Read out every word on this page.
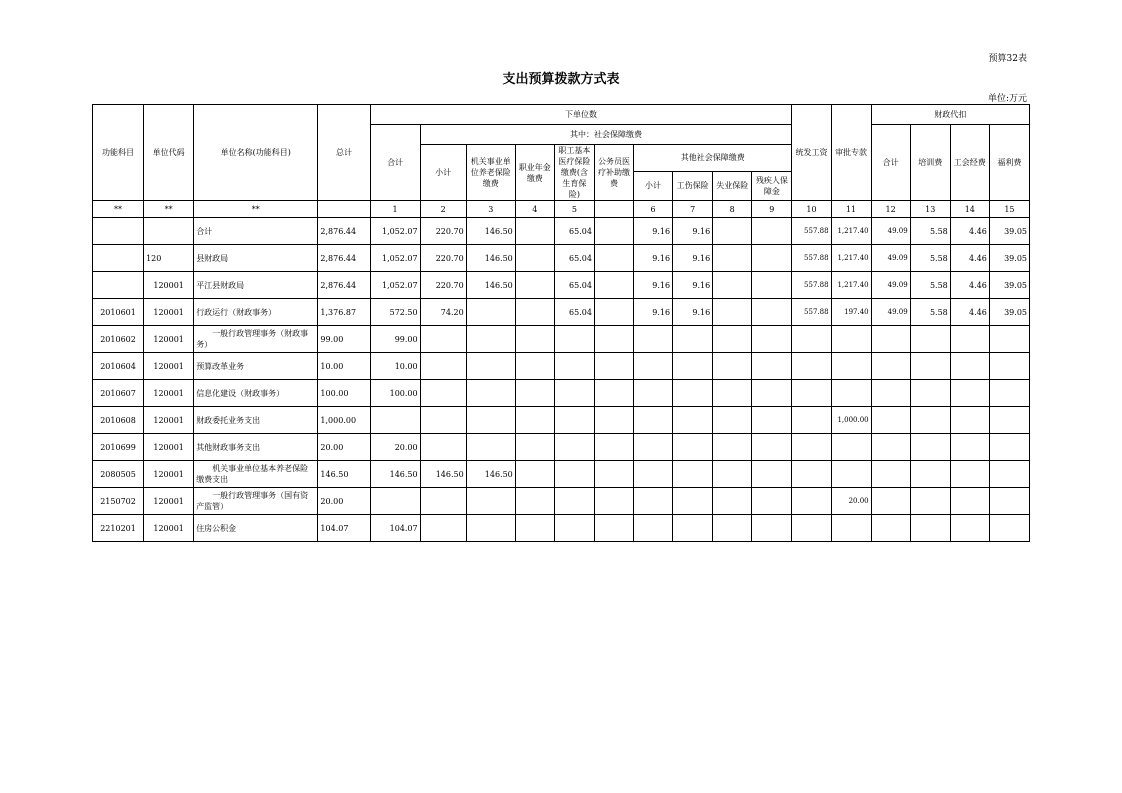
预算32表
支出预算拨款方式表
单位:万元
功能科目	单位代码	单位名称(功能科目)	总计	下单位数										统发工资	审批专款	财政代扣			
				合计	其中：社会保障缴费											合计	培训费	工会经费	福利费
					小计	机关事业单位养老保险缴费	职业年金缴费	职工基本医疗保险缴费(含生育保险)	公务员医疗补助缴费	其他社会保障缴费									
										小计	工伤保险	失业保险	残疾人保障金						
**	**	**		1	2	3	4	5		6	7	8	9	10	11	12	13	14	15
		合计	2,876.44	1,052.07	220.70	146.50		65.04		9.16	9.16			557.88	1,217.40	49.09	5.58	4.46	39.05
	120	县财政局	2,876.44	1,052.07	220.70	146.50		65.04		9.16	9.16			557.88	1,217.40	49.09	5.58	4.46	39.05
	120001	平江县财政局	2,876.44	1,052.07	220.70	146.50		65.04		9.16	9.16			557.88	1,217.40	49.09	5.58	4.46	39.05
2010601	120001	行政运行（财政事务）	1,376.87	572.50	74.20			65.04		9.16	9.16			557.88	197.40	49.09	5.58	4.46	39.05
2010602	120001	一般行政管理事务（财政事务）	99.00	99.00															
2010604	120001	预算改革业务	10.00	10.00															
2010607	120001	信息化建设（财政事务）	100.00	100.00															
2010608	120001	财政委托业务支出	1,000.00												1,000.00				
2010699	120001	其他财政事务支出	20.00	20.00															
2080505	120001	机关事业单位基本养老保险缴费支出	146.50	146.50	146.50	146.50													
2150702	120001	一般行政管理事务（国有资产监管）	20.00												20.00				
2210201	120001	住房公积金	104.07	104.07															
